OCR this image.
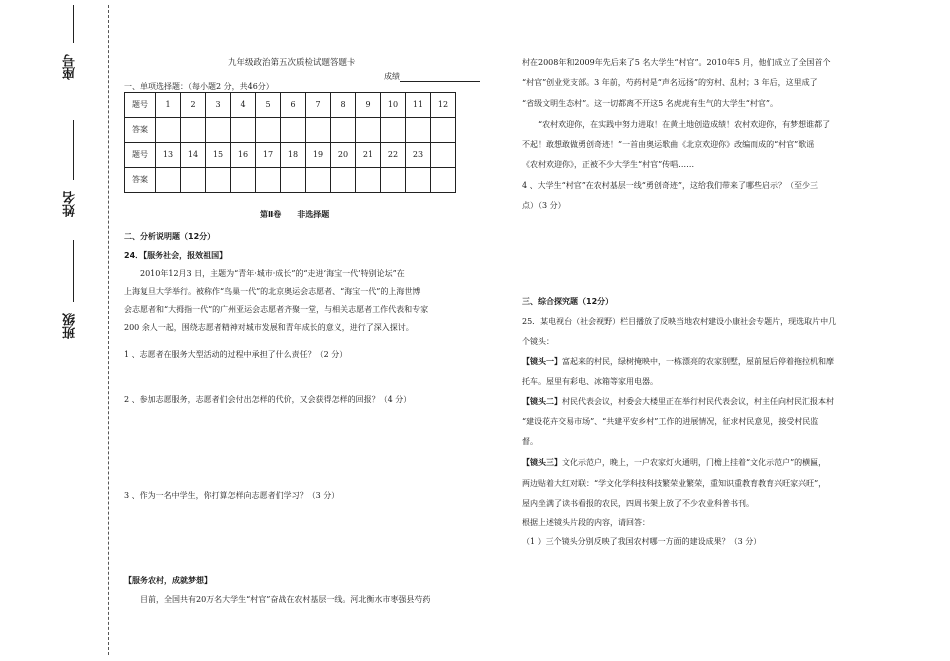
座号
姓名
班级
九年级政治第五次质检试题答题卡
成绩
一、单项选择题：（每小题2 分，共46分）
题号	1	2	3	4	5	6	7	8	9	10	11	12
答案												
题号	13	14	15	16	17	18	19	20	21	22	23	
答案												
第Ⅱ卷　　非选择题
二、分析说明题（12分）
24．【服务社会，报效祖国】
　　2010年12月3 日，主题为“青年·城市·成长”的“走进‘海宝一代’特别论坛”在
上海复旦大学举行。被称作“鸟巢一代”的北京奥运会志愿者、“海宝一代”的上海世博
会志愿者和“大拇指一代”的广州亚运会志愿者齐聚一堂，与相关志愿者工作代表和专家
200 余人一起，围绕志愿者精神对城市发展和青年成长的意义，进行了深入探讨。
1 、志愿者在服务大型活动的过程中承担了什么责任？（2 分）
2 、参加志愿服务，志愿者们会付出怎样的代价，又会获得怎样的回报？（4 分）
3 、作为一名中学生，你打算怎样向志愿者们学习？（3 分）
【服务农村，成就梦想】
　　目前，全国共有20万名大学生“村官”奋战在农村基层一线。河北衡水市枣强县芍药
村在2008年和2009年先后来了5 名大学生“村官”。2010年5 月，他们成立了全国首个
“村官”创业党支部。3 年前，芍药村是“声名远扬”的穷村、乱村；3 年后，这里成了
“省级文明生态村”。这一切都离不开这5 名虎虎有生气的大学生“村官”。
　　“农村欢迎你，在实践中努力进取！在黄土地创造成绩！农村欢迎你，有梦想谁都了
不起！敢想敢做勇创奇迹！”一首由奥运歌曲《北京欢迎你》改编而成的“村官”歌谣
《农村欢迎你》，正被不少大学生“村官”传唱……
4 、大学生“村官”在农村基层一线“勇创奇迹”，这给我们带来了哪些启示？（至少三
点）（3 分）
三、综合探究题（12分）
25．某电视台（社会视野）栏目播放了反映当地农村建设小康社会专题片，现选取片中几
个镜头：
【镜头一】富起来的村民，绿树掩映中，一栋漂亮的农家别墅，屋前屋后停着拖拉机和摩
托车。屋里有彩电、冰箱等家用电器。
【镜头二】村民代表会议，村委会大楼里正在举行村民代表会议，村主任向村民汇报本村
“建设花卉交易市场”、“共建平安乡村”工作的进展情况，征求村民意见，接受村民监
督。
【镜头三】文化示范户，晚上，一户农家灯火通明，门檐上挂着“文化示范户”的横匾，
两边贴着大红对联：“学文化学科技科技繁荣业繁荣，重知识重教育教育兴旺家兴旺”，
屋内坐满了读书看报的农民，四周书架上放了不少农业科普书刊。
根据上述镜头片段的内容，请回答：
（1 ）三个镜头分别反映了我国农村哪一方面的建设成果？（3 分）
